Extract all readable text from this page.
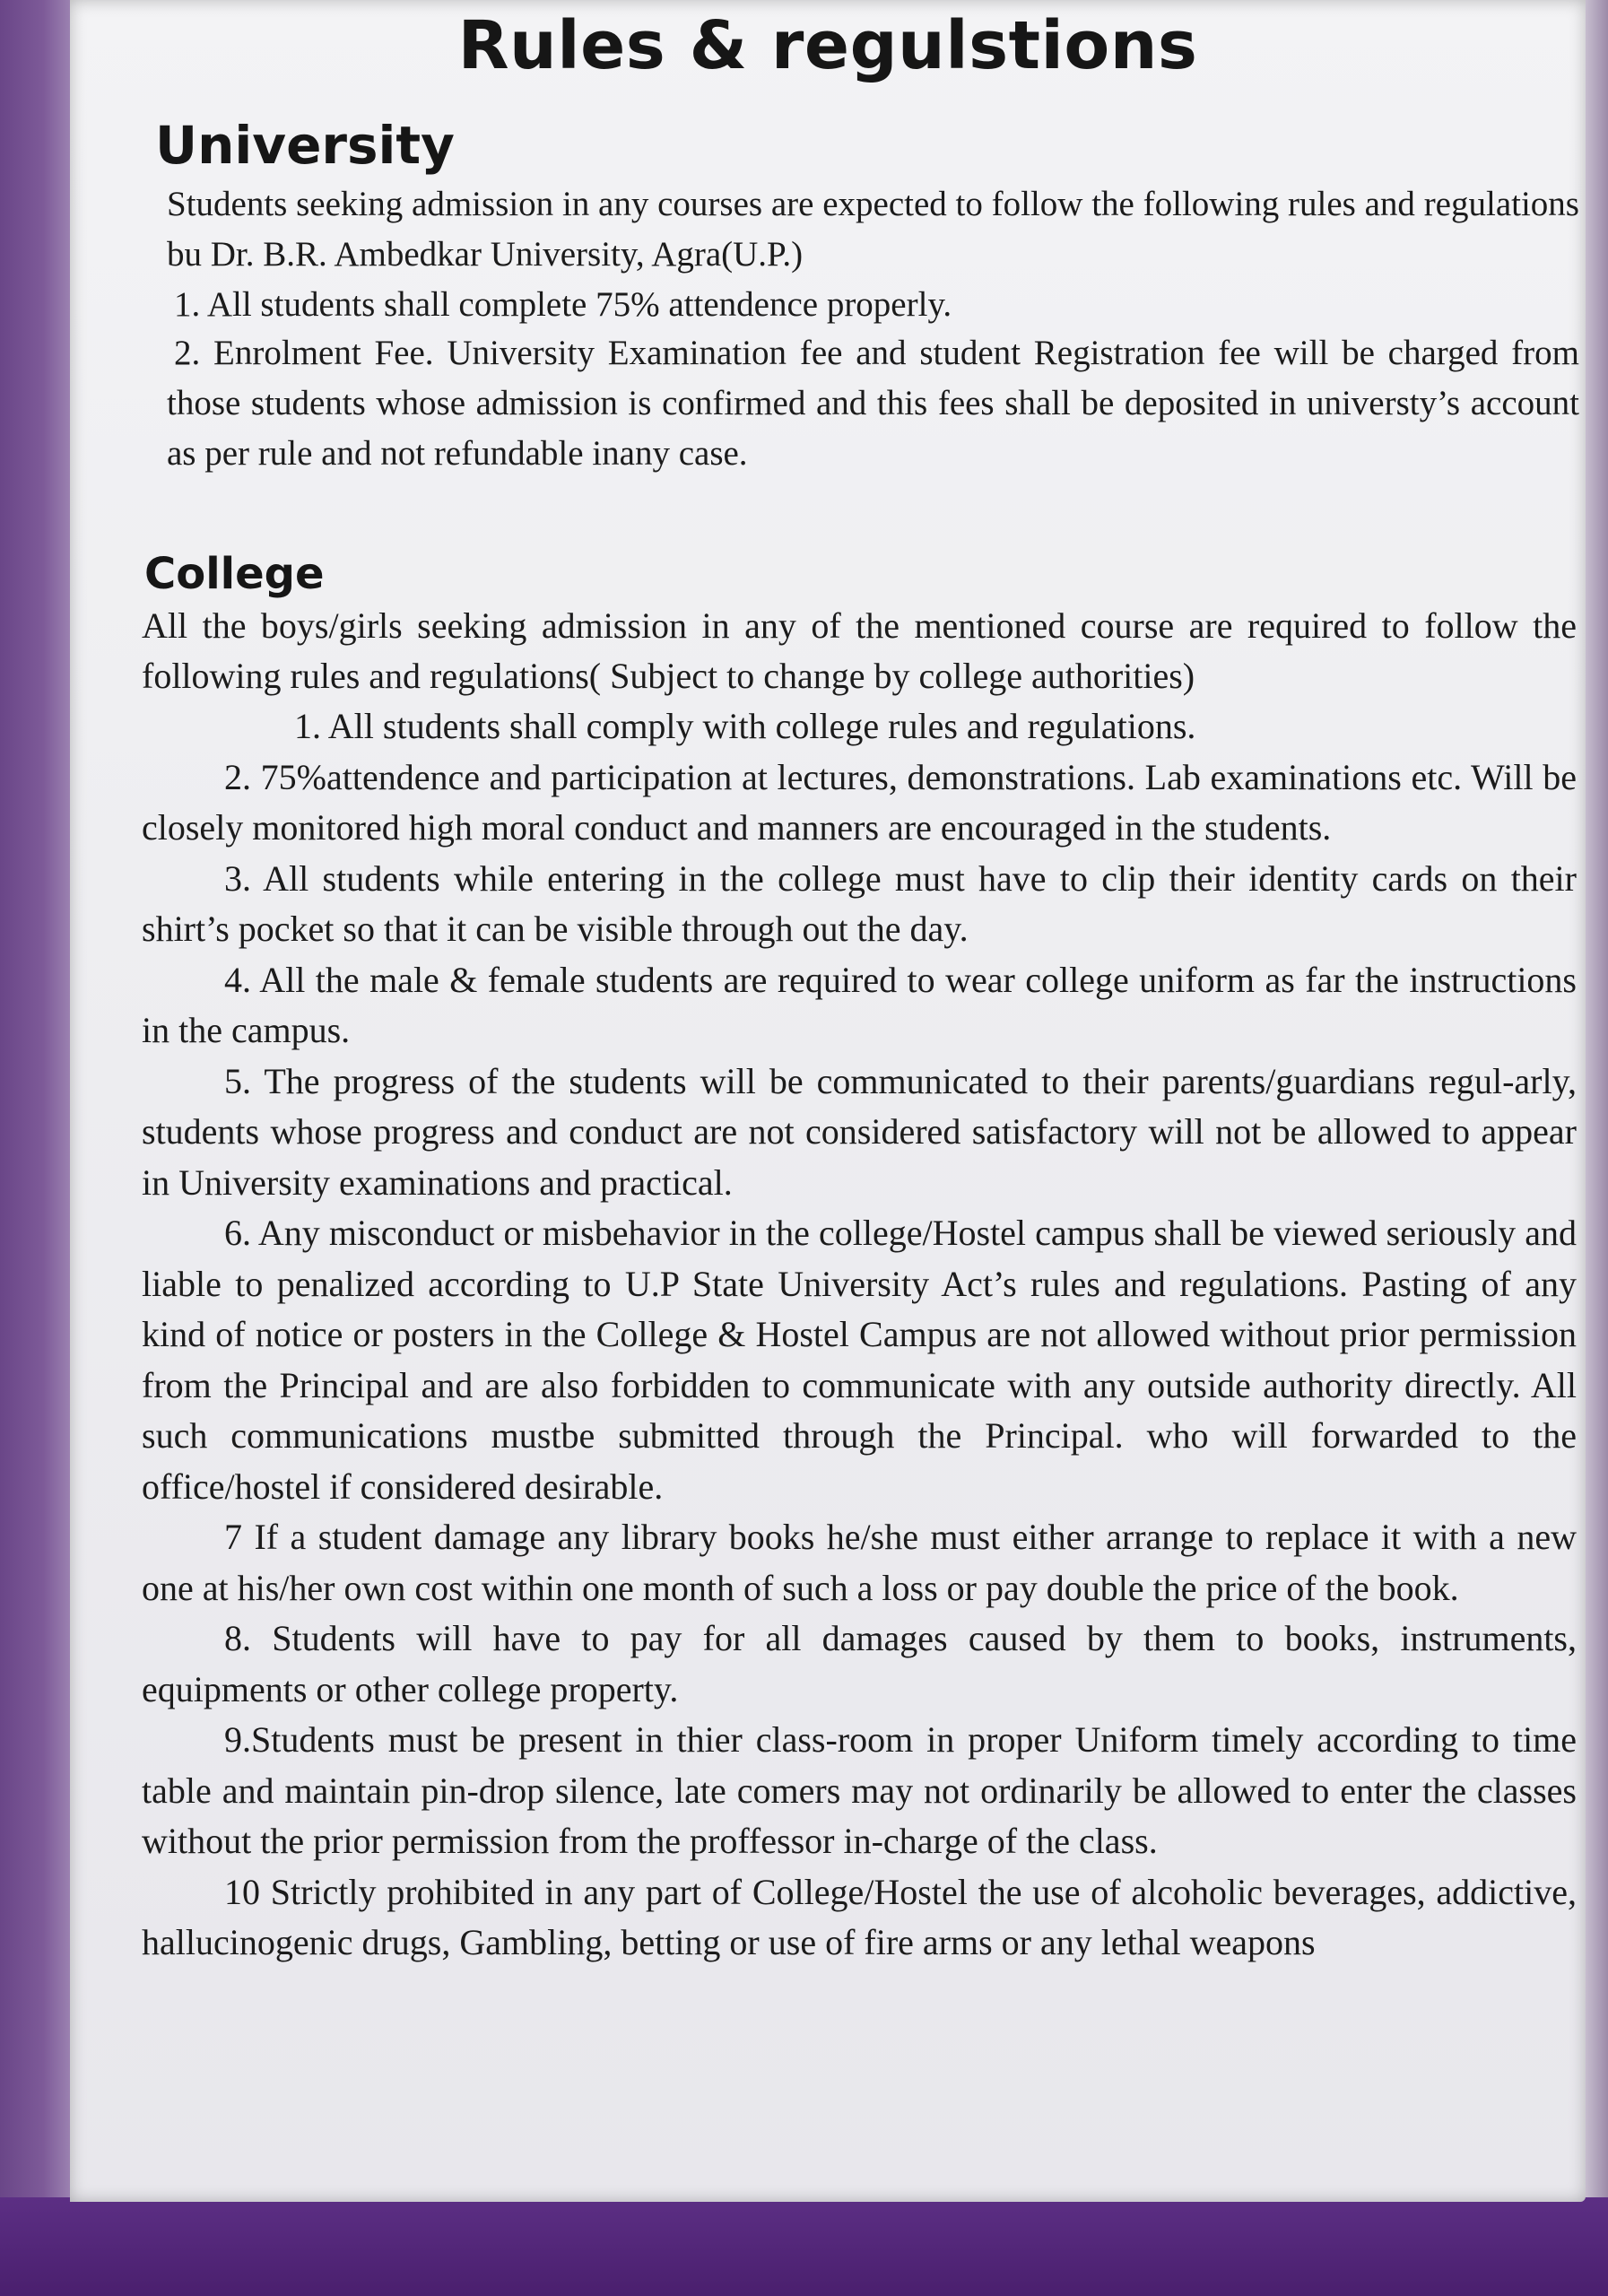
Rules & regulstions
University

Students seeking admission in any courses are expected to follow the following rules and regulations bu Dr. B.R. Ambedkar University, Agra(U.P.)

1. All students shall complete 75% attendence properly.

2. Enrolment Fee. University Examination fee and student Registration fee will be charged from those students whose admission is confirmed and this fees shall be deposited in universty’s account as per rule and not refundable inany case.

College

All the boys/girls seeking admission in any of the mentioned course are required to follow the following rules and regulations( Subject to change by college authorities)

1. All students shall comply with college rules and regulations.

2. 75%attendence and participation at lectures, demonstrations. Lab examinations etc. Will be closely monitored high moral conduct and manners are encouraged in the students.

3. All students while entering in the college must have to clip their identity cards on their shirt’s pocket so that it can be visible through out the day.

4. All the male & female students are required to wear college uniform as far the instructions in the campus.

5. The progress of the students will be communicated to their parents/guardians regul-arly, students whose progress and conduct are not considered satisfactory will not be allowed to appear in University examinations and practical.

6. Any misconduct or misbehavior in the college/Hostel campus shall be viewed seriously and liable to penalized according to U.P State University Act’s rules and regulations. Pasting of any kind of notice or posters in the College & Hostel Campus are not allowed without prior permission from the Principal and are also forbidden to communicate with any outside authority directly. All such communications mustbe submitted through the Principal. who will forwarded to the office/hostel if considered desirable.

7 If a student damage any library books he/she must either arrange to replace it with a new one at his/her own cost within one month of such a loss or pay double the price of the book.

8. Students will have to pay for all damages caused by them to books, instruments, equipments or other college property.

9.Students must be present in thier class-room in proper Uniform timely according to time table and maintain pin-drop silence, late comers may not ordinarily be allowed to enter the classes without the prior permission from the proffessor in-charge of the class.

10 Strictly prohibited in any part of College/Hostel the use of alcoholic beverages, addictive, hallucinogenic drugs, Gambling, betting or use of fire arms or any lethal weapons
